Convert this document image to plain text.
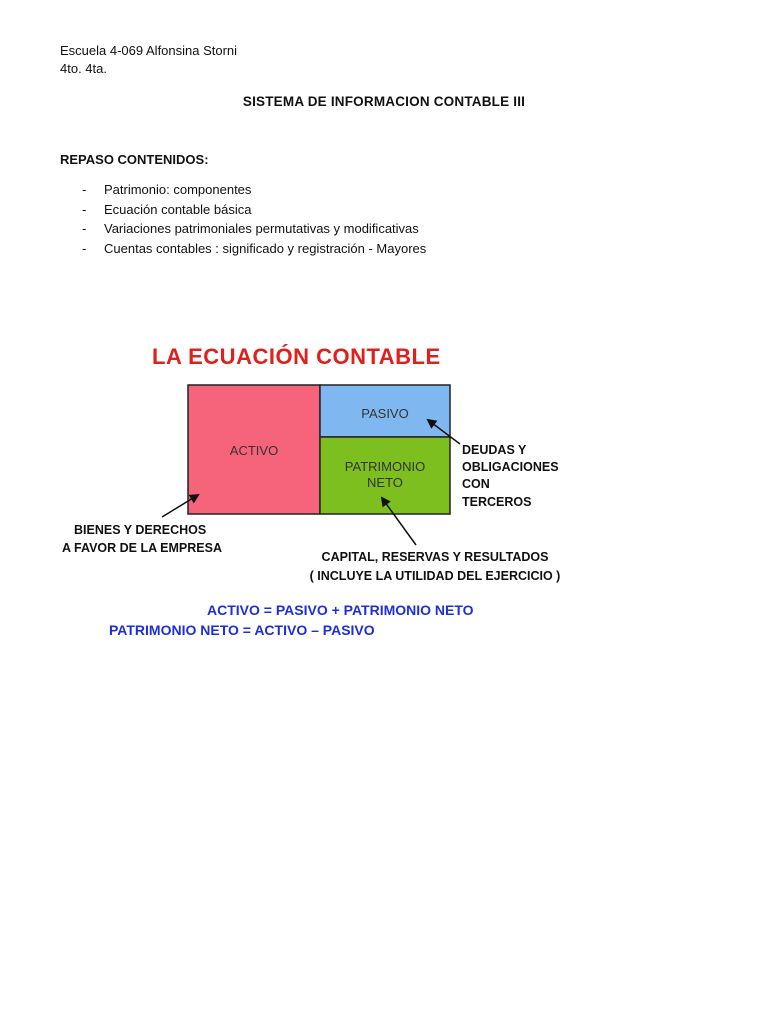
Escuela 4-069 Alfonsina Storni
4to. 4ta.
SISTEMA DE INFORMACION CONTABLE III
REPASO CONTENIDOS:
- Patrimonio: componentes
- Ecuación contable básica
- Variaciones patrimoniales permutativas y modificativas
- Cuentas contables : significado y registración - Mayores
LA ECUACIÓN CONTABLE
ACTIVO
PASIVO
PATRIMONIO
NETO
DEUDAS Y
OBLIGACIONES
CON
TERCEROS
BIENES Y DERECHOS
A FAVOR DE LA EMPRESA
CAPITAL, RESERVAS Y RESULTADOS
( INCLUYE LA UTILIDAD DEL EJERCICIO )
ACTIVO = PASIVO + PATRIMONIO NETO
PATRIMONIO NETO = ACTIVO – PASIVO
